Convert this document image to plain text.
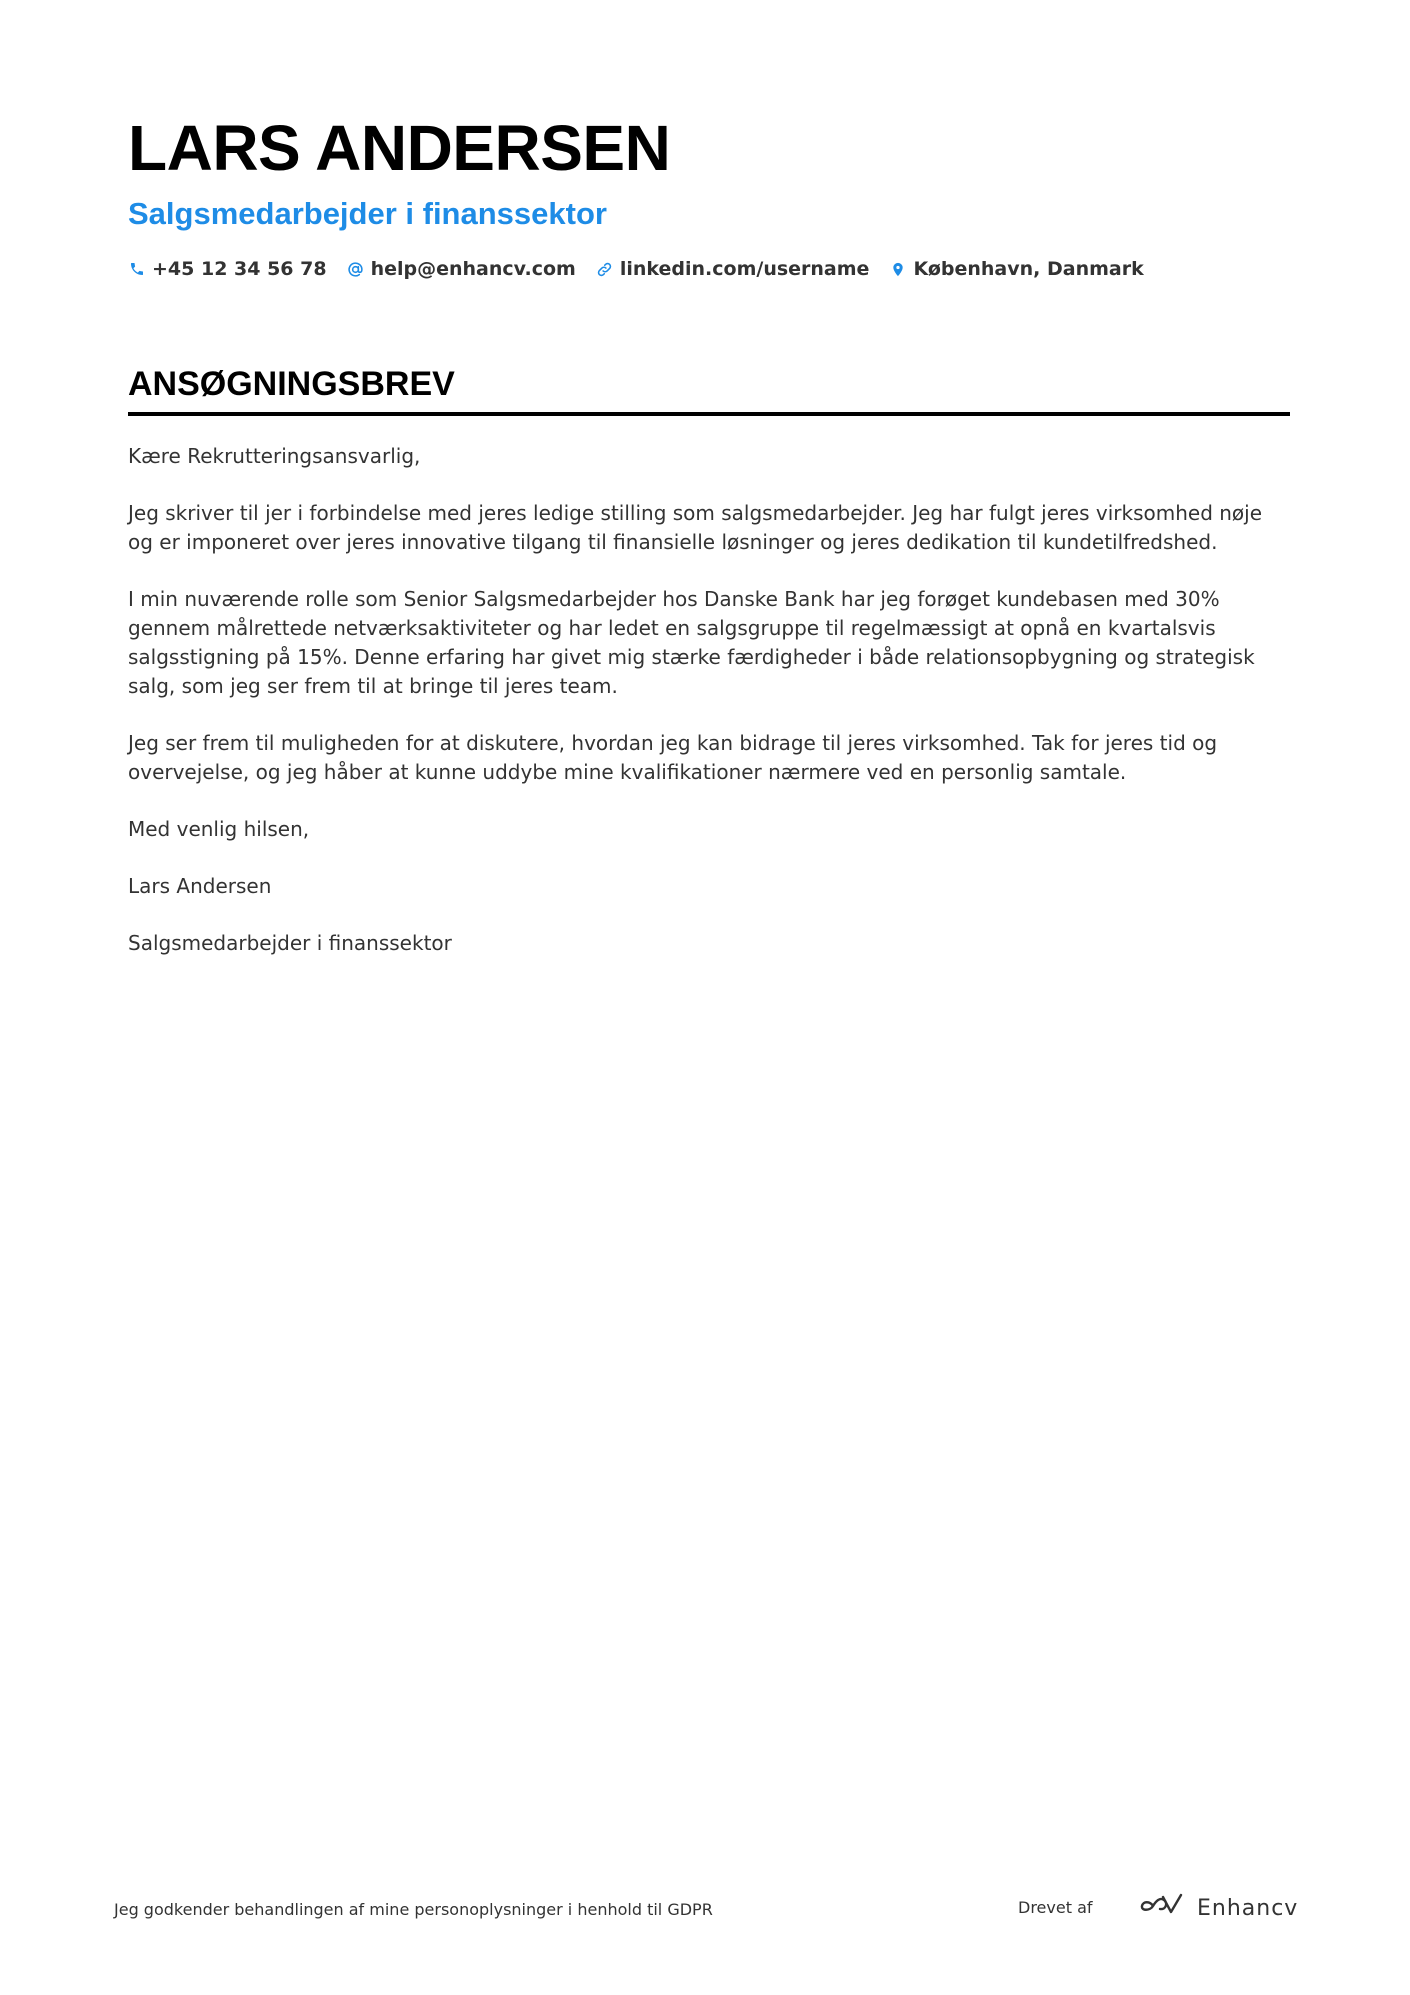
LARS ANDERSEN
Salgsmedarbejder i finanssektor
+45 12 34 56 78 help@enhancv.com linkedin.com/username København, Danmark
ANSØGNINGSBREV

Kære Rekrutteringsansvarlig,

Jeg skriver til jer i forbindelse med jeres ledige stilling som salgsmedarbejder. Jeg har fulgt jeres virksomhed nøje og er imponeret over jeres innovative tilgang til finansielle løsninger og jeres dedikation til kundetilfredshed.

I min nuværende rolle som Senior Salgsmedarbejder hos Danske Bank har jeg forøget kundebasen med 30% gennem målrettede netværksaktiviteter og har ledet en salgsgruppe til regelmæssigt at opnå en kvartalsvis salgsstigning på 15%. Denne erfaring har givet mig stærke færdigheder i både relationsopbygning og strategisk salg, som jeg ser frem til at bringe til jeres team.

Jeg ser frem til muligheden for at diskutere, hvordan jeg kan bidrage til jeres virksomhed. Tak for jeres tid og overvejelse, og jeg håber at kunne uddybe mine kvalifikationer nærmere ved en personlig samtale.

Med venlig hilsen,

Lars Andersen

Salgsmedarbejder i finanssektor

Jeg godkender behandlingen af mine personoplysninger i henhold til GDPR	Drevet af	Enhancv
